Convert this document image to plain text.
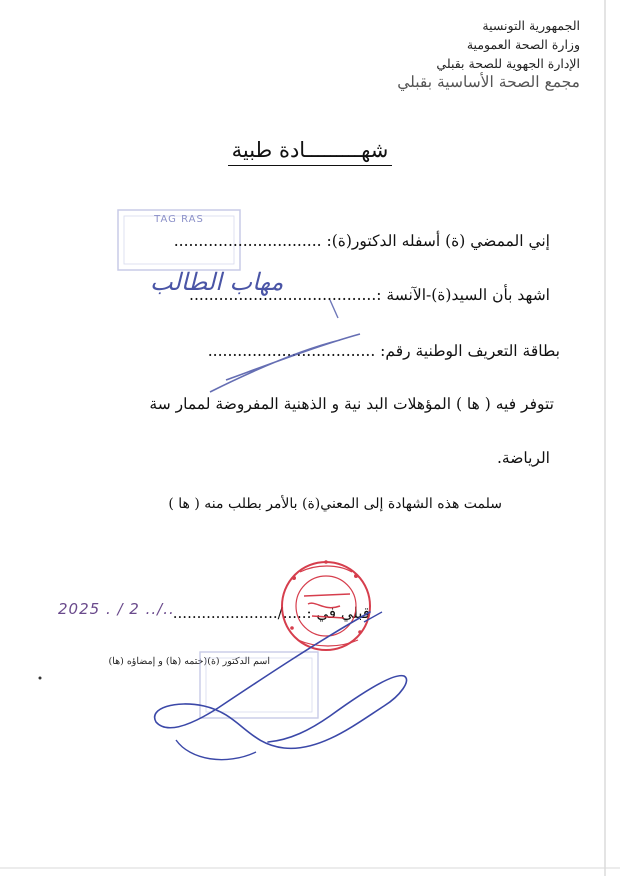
TAG RAS
الجمهورية التونسية
وزارة الصحة العمومية
الإدارة الجهوية للصحة بقبلي
مجمع الصحة الأساسية بقبلي
شهـــــــــادة طبية
إني الممضي (ة) أسفله الدكتور(ة): ..............................
اشهد بأن السيد(ة)-الآنسة :......................................
مهاب الطالب
بطاقة التعريف الوطنية رقم: ..................................
تتوفر فيه ( ها ) المؤهلات البد نية و الذهنية المفروضة لممار سة
الرياضة.
سلمت هذه الشهادة إلى المعني(ة) بالأمر بطلب منه ( ها )
قبلي في :...../......................
2025 . / 2 ../..
اسم الدكتور (ة)(ختمه (ها) و إمضاؤه (ها)
